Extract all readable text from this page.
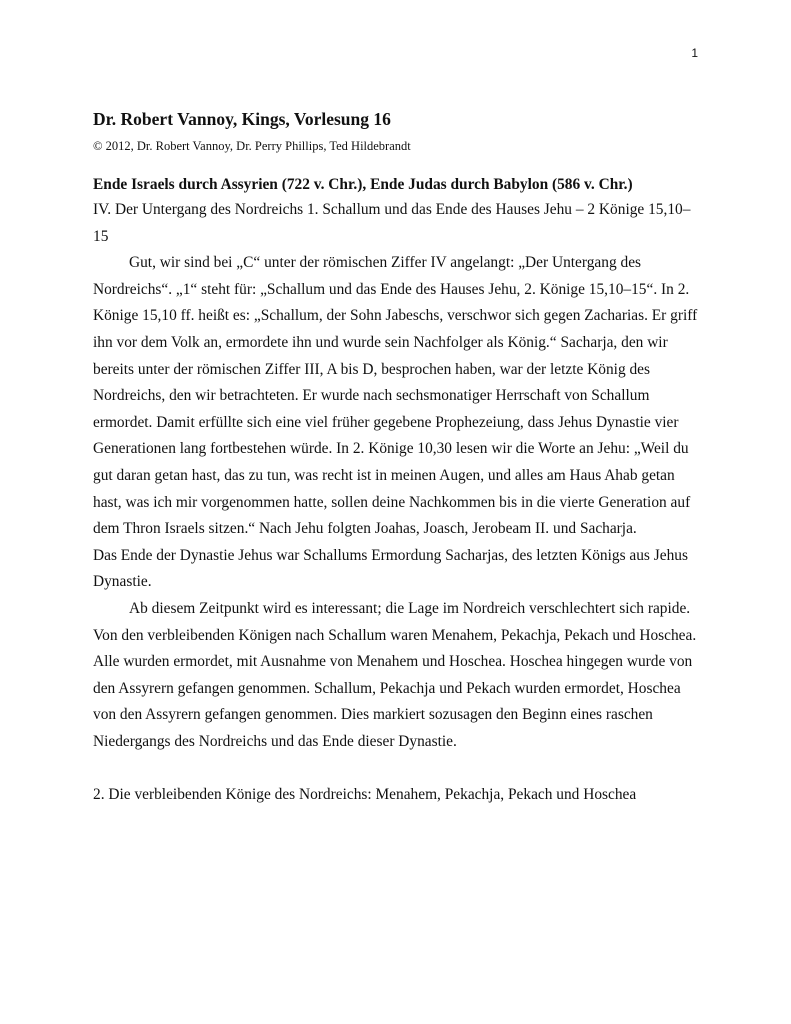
1
Dr. Robert Vannoy, Kings, Vorlesung 16

© 2012, Dr. Robert Vannoy, Dr. Perry Phillips, Ted Hildebrandt

Ende Israels durch Assyrien (722 v. Chr.), Ende Judas durch Babylon (586 v. Chr.)

IV. Der Untergang des Nordreichs 1. Schallum und das Ende des Hauses Jehu – 2 Könige 15,10–15

Gut, wir sind bei „C“ unter der römischen Ziffer IV angelangt: „Der Untergang des Nordreichs“. „1“ steht für: „Schallum und das Ende des Hauses Jehu, 2. Könige 15,10–15“. In 2. Könige 15,10 ff. heißt es: „Schallum, der Sohn Jabeschs, verschwor sich gegen Zacharias. Er griff ihn vor dem Volk an, ermordete ihn und wurde sein Nachfolger als König.“ Sacharja, den wir bereits unter der römischen Ziffer III, A bis D, besprochen haben, war der letzte König des Nordreichs, den wir betrachteten. Er wurde nach sechsmonatiger Herrschaft von Schallum ermordet. Damit erfüllte sich eine viel früher gegebene Prophezeiung, dass Jehus Dynastie vier Generationen lang fortbestehen würde. In 2. Könige 10,30 lesen wir die Worte an Jehu: „Weil du gut daran getan hast, das zu tun, was recht ist in meinen Augen, und alles am Haus Ahab getan hast, was ich mir vorgenommen hatte, sollen deine Nachkommen bis in die vierte Generation auf dem Thron Israels sitzen.“ Nach Jehu folgten Joahas, Joasch, Jerobeam II. und Sacharja.

Das Ende der Dynastie Jehus war Schallums Ermordung Sacharjas, des letzten Königs aus Jehus Dynastie.

Ab diesem Zeitpunkt wird es interessant; die Lage im Nordreich verschlechtert sich rapide. Von den verbleibenden Königen nach Schallum waren Menahem, Pekachja, Pekach und Hoschea. Alle wurden ermordet, mit Ausnahme von Menahem und Hoschea. Hoschea hingegen wurde von den Assyrern gefangen genommen. Schallum, Pekachja und Pekach wurden ermordet, Hoschea von den Assyrern gefangen genommen. Dies markiert sozusagen den Beginn eines raschen Niedergangs des Nordreichs und das Ende dieser Dynastie.

2. Die verbleibenden Könige des Nordreichs: Menahem, Pekachja, Pekach und Hoschea
